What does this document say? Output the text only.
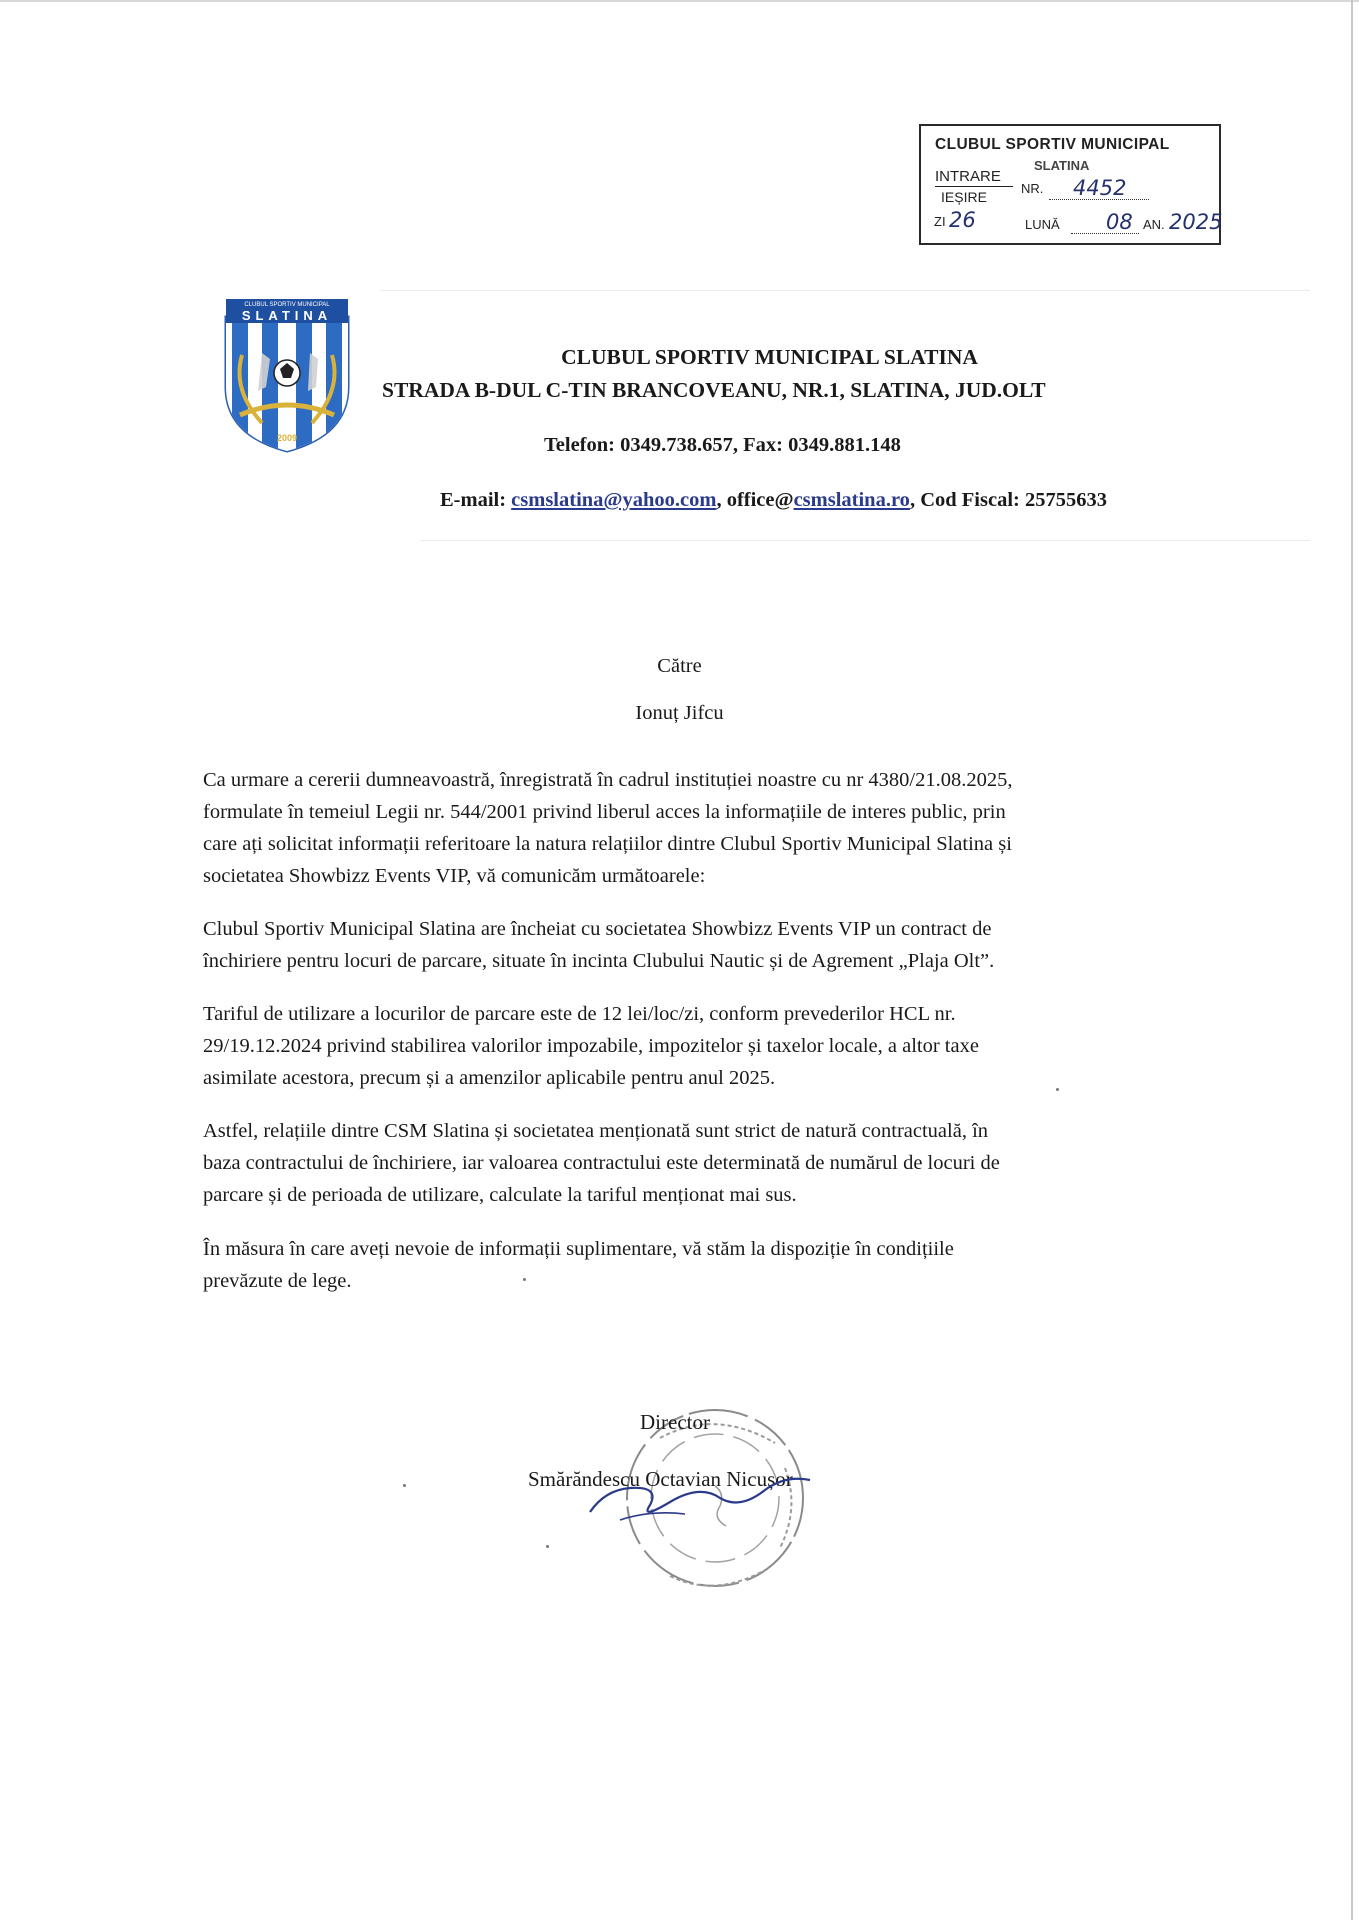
CLUBUL SPORTIV MUNICIPAL
SLATINA
INTRARE
IEȘIRE
NR. 4452
ZI 26	LUNĂ 08 AN. 2025
CLUBUL SPORTIV MUNICIPAL
SLATINA
2009
CLUBUL SPORTIV MUNICIPAL SLATINA
STRADA B-DUL C-TIN BRANCOVEANU, NR.1, SLATINA, JUD.OLT
Telefon: 0349.738.657, Fax: 0349.881.148
E-mail: csmslatina@yahoo.com, office@csmslatina.ro, Cod Fiscal: 25755633
Către
Ionuț Jifcu
Ca urmare a cererii dumneavoastră, înregistrată în cadrul instituției noastre cu nr 4380/21.08.2025,
formulate în temeiul Legii nr. 544/2001 privind liberul acces la informațiile de interes public, prin
care ați solicitat informații referitoare la natura relațiilor dintre Clubul Sportiv Municipal Slatina și
societatea Showbizz Events VIP, vă comunicăm următoarele:
Clubul Sportiv Municipal Slatina are încheiat cu societatea Showbizz Events VIP un contract de
închiriere pentru locuri de parcare, situate în incinta Clubului Nautic și de Agrement „Plaja Olt”.
Tariful de utilizare a locurilor de parcare este de 12 lei/loc/zi, conform prevederilor HCL nr.
29/19.12.2024 privind stabilirea valorilor impozabile, impozitelor și taxelor locale, a altor taxe
asimilate acestora, precum și a amenzilor aplicabile pentru anul 2025.
Astfel, relațiile dintre CSM Slatina și societatea menționată sunt strict de natură contractuală, în
baza contractului de închiriere, iar valoarea contractului este determinată de numărul de locuri de
parcare și de perioada de utilizare, calculate la tariful menționat mai sus.
În măsura în care aveți nevoie de informații suplimentare, vă stăm la dispoziție în condițiile
prevăzute de lege.
Director
Smărăndescu Octavian Nicușor
